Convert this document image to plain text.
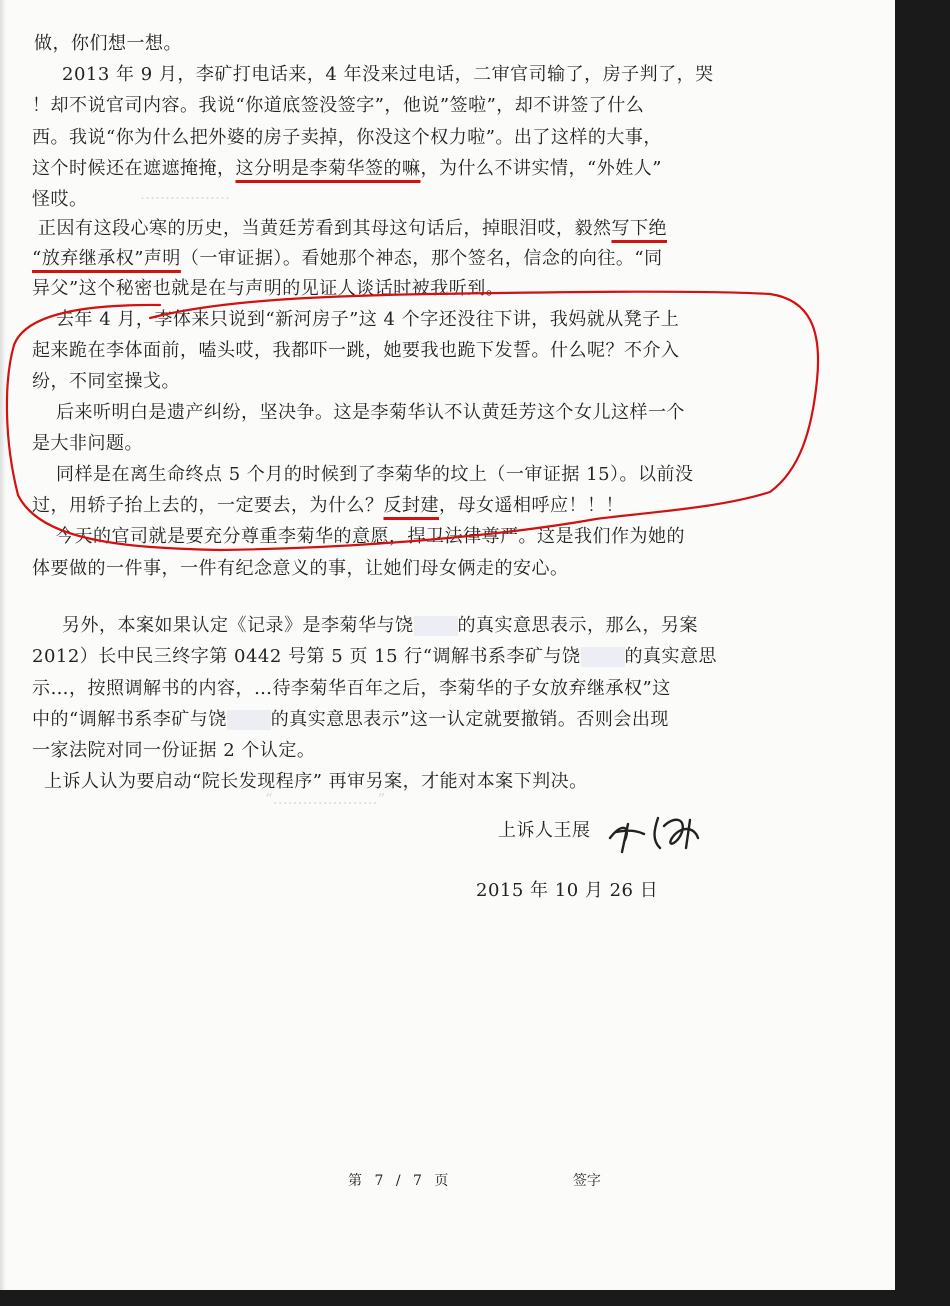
做，你们想一想。
2013 年 9 月，李矿打电话来，4 年没来过电话，二审官司输了，房子判了，哭
！却不说官司内容。我说“你道底签没签字”，他说”签啦”，却不讲签了什么
西。我说“你为什么把外婆的房子卖掉，你没这个权力啦”。出了这样的大事，
这个时候还在遮遮掩掩，这分明是李菊华签的嘛，为什么不讲实情，“外姓人”
怪哎。
正因有这段心寒的历史，当黄廷芳看到其母这句话后，掉眼泪哎，毅然写下绝
“放弃继承权”声明（一审证据）。看她那个神态，那个签名，信念的向往。“同
异父”这个秘密也就是在与声明的见证人谈话时被我听到。
去年 4 月，李体来只说到“新河房子”这 4 个字还没往下讲，我妈就从凳子上
起来跪在李体面前，嗑头哎，我都吓一跳，她要我也跪下发誓。什么呢？不介入
纷，不同室操戈。
后来听明白是遗产纠纷，坚决争。这是李菊华认不认黄廷芳这个女儿这样一个
是大非问题。
同样是在离生命终点 5 个月的时候到了李菊华的坟上（一审证据 15）。以前没
过，用轿子抬上去的，一定要去，为什么？反封建，母女遥相呼应！！！
今天的官司就是要充分尊重李菊华的意愿，捍卫法律尊严。这是我们作为她的
体要做的一件事，一件有纪念意义的事，让她们母女俩走的安心。
另外，本案如果认定《记录》是李菊华与饶 的真实意思表示，那么，另案
2012）长中民三终字第 0442 号第 5 页 15 行“调解书系李矿与饶 的真实意思
示…，按照调解书的内容，…待李菊华百年之后，李菊华的子女放弃继承权”这
中的“调解书系李矿与饶 的真实意思表示”这一认定就要撤销。否则会出现
一家法院对同一份证据 2 个认定。
上诉人认为要启动“院长发现程序” 再审另案，才能对本案下判决。
………………
“…………………”
上诉人王展
2015 年 10 月 26 日
第 7 / 7 页	签字
